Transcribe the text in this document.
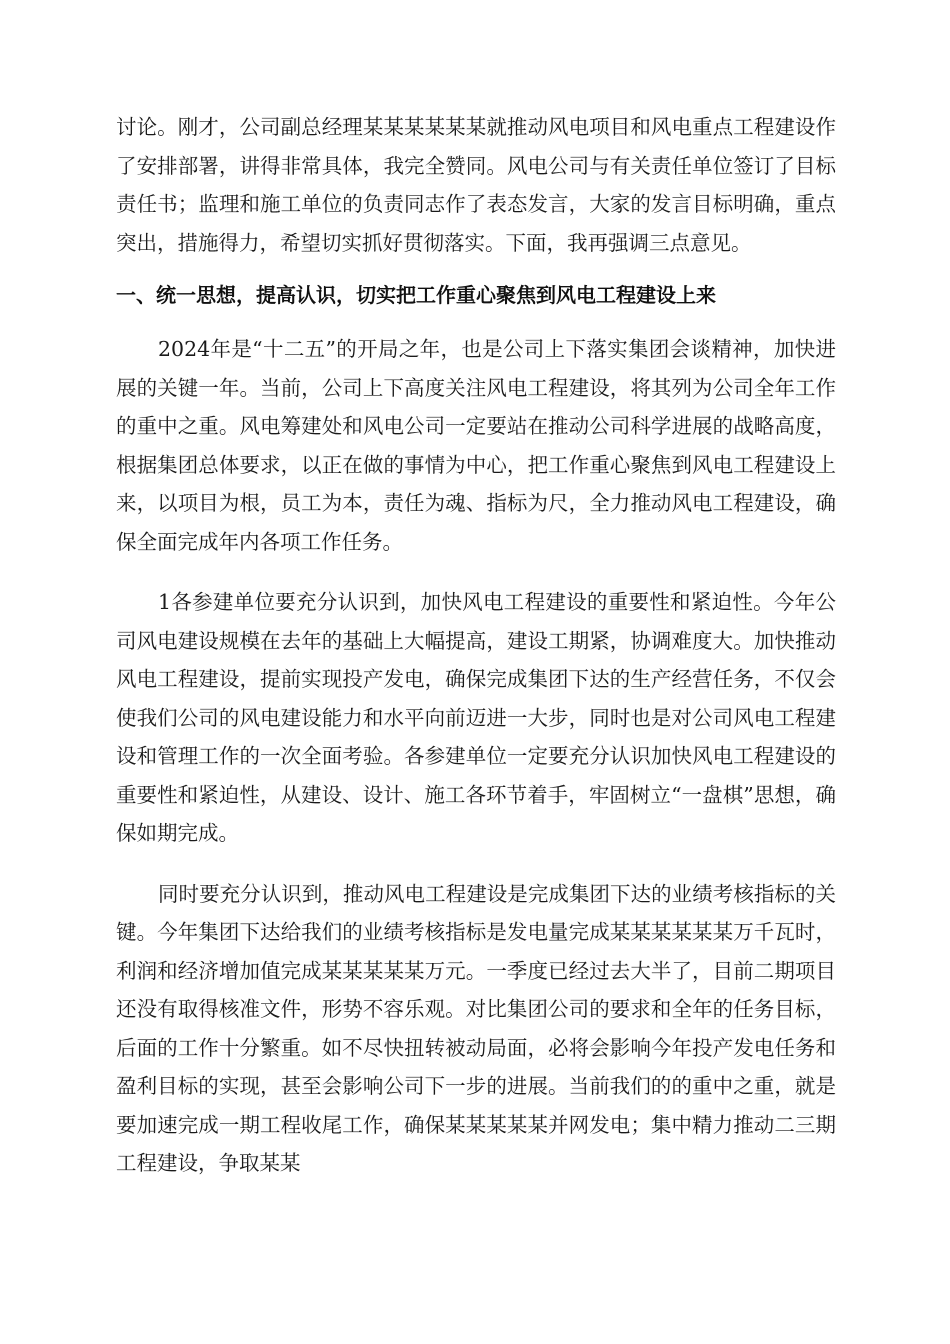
讨论。刚才，公司副总经理某某某某某某就推动风电项目和风电重点工程建设作了安排部署，讲得非常具体，我完全赞同。风电公司与有关责任单位签订了目标责任书；监理和施工单位的负责同志作了表态发言，大家的发言目标明确，重点突出，措施得力，希望切实抓好贯彻落实。下面，我再强调三点意见。

一、统一思想，提高认识，切实把工作重心聚焦到风电工程建设上来

2024年是“十二五”的开局之年，也是公司上下落实集团会谈精神，加快进展的关键一年。当前，公司上下高度关注风电工程建设，将其列为公司全年工作的重中之重。风电筹建处和风电公司一定要站在推动公司科学进展的战略高度，根据集团总体要求，以正在做的事情为中心，把工作重心聚焦到风电工程建设上来，以项目为根，员工为本，责任为魂、指标为尺，全力推动风电工程建设，确保全面完成年内各项工作任务。

1各参建单位要充分认识到，加快风电工程建设的重要性和紧迫性。今年公司风电建设规模在去年的基础上大幅提高，建设工期紧，协调难度大。加快推动风电工程建设，提前实现投产发电，确保完成集团下达的生产经营任务，不仅会使我们公司的风电建设能力和水平向前迈进一大步，同时也是对公司风电工程建设和管理工作的一次全面考验。各参建单位一定要充分认识加快风电工程建设的重要性和紧迫性，从建设、设计、施工各环节着手，牢固树立“一盘棋”思想，确保如期完成。

同时要充分认识到，推动风电工程建设是完成集团下达的业绩考核指标的关键。今年集团下达给我们的业绩考核指标是发电量完成某某某某某某万千瓦时，利润和经济增加值完成某某某某某万元。一季度已经过去大半了，目前二期项目还没有取得核准文件，形势不容乐观。对比集团公司的要求和全年的任务目标，后面的工作十分繁重。如不尽快扭转被动局面，必将会影响今年投产发电任务和盈利目标的实现，甚至会影响公司下一步的进展。当前我们的的重中之重，就是要加速完成一期工程收尾工作，确保某某某某某并网发电；集中精力推动二三期工程建设，争取某某
